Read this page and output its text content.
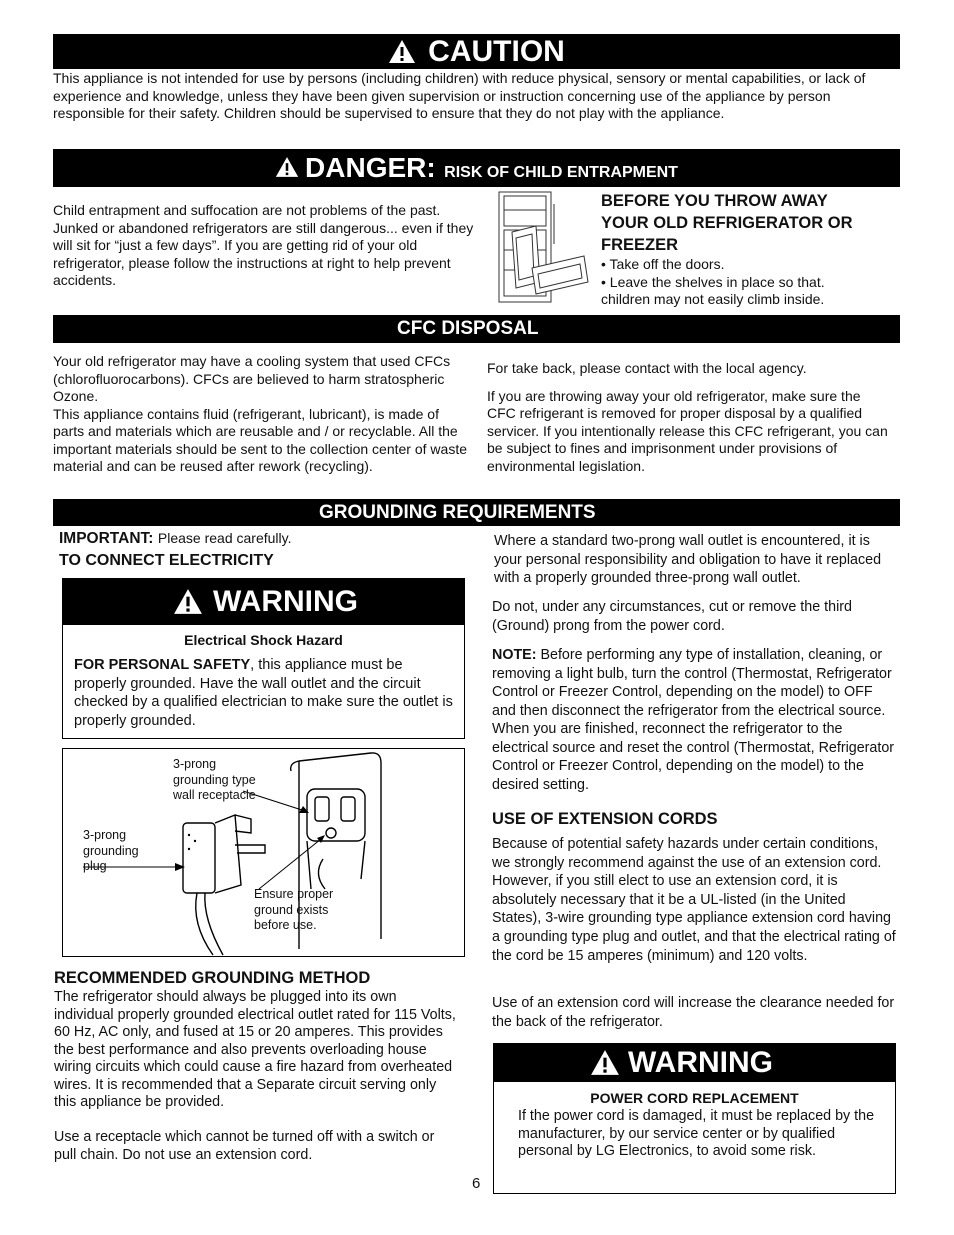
CAUTION

This appliance is not intended for use by persons (including children) with reduce physical, sensory or mental capabilities, or lack of experience and knowledge, unless they have been given supervision or instruction concerning use of the appliance by person responsible for their safety. Children should be supervised to ensure that they do not play with the appliance.

DANGER: RISK OF CHILD ENTRAPMENT

Child entrapment and suffocation are not problems of the past. Junked or abandoned refrigerators are still dangerous... even if they will sit for “just a few days”. If you are getting rid of your old refrigerator, please follow the instructions at right to help prevent accidents.

BEFORE YOU THROW AWAY YOUR OLD REFRIGERATOR OR FREEZER

• Take off the doors.

• Leave the shelves in place so that. children may not easily climb inside.

CFC DISPOSAL

Your old refrigerator may have a cooling system that used CFCs (chlorofluorocarbons). CFCs are believed to harm stratospheric Ozone.

This appliance contains fluid (refrigerant, lubricant), is made of parts and materials which are reusable and / or recyclable. All the important materials should be sent to the collection center of waste material and can be reused after rework (recycling).

For take back, please contact with the local agency.

If you are throwing away your old refrigerator, make sure the CFC refrigerant is removed for proper disposal by a qualified servicer. If you intentionally release this CFC refrigerant, you can be subject to fines and imprisonment under provisions of environmental legislation.

GROUNDING REQUIREMENTS
IMPORTANT: Please read carefully.

TO CONNECT ELECTRICITY

WARNING

Electrical Shock Hazard

FOR PERSONAL SAFETY, this appliance must be properly grounded. Have the wall outlet and the circuit checked by a qualified electrician to make sure the outlet is properly grounded.

3-prong grounding type wall receptacle
3-prong grounding plug
Ensure proper ground exists before use.

RECOMMENDED GROUNDING METHOD

The refrigerator should always be plugged into its own individual properly grounded electrical outlet rated for 115 Volts, 60 Hz, AC only, and fused at 15 or 20 amperes. This provides the best performance and also prevents overloading house wiring circuits which could cause a fire hazard from overheated wires. It is recommended that a Separate circuit serving only this appliance be provided.

Use a receptacle which cannot be turned off with a switch or pull chain. Do not use an extension cord.

Where a standard two-prong wall outlet is encountered, it is your personal responsibility and obligation to have it replaced with a properly grounded three-prong wall outlet.

Do not, under any circumstances, cut or remove the third (Ground) prong from the power cord.

NOTE: Before performing any type of installation, cleaning, or removing a light bulb, turn the control (Thermostat, Refrigerator Control or Freezer Control, depending on the model) to OFF and then disconnect the refrigerator from the electrical source. When you are finished, reconnect the refrigerator to the electrical source and reset the control (Thermostat, Refrigerator Control or Freezer Control, depending on the model) to the desired setting.

USE OF EXTENSION CORDS

Because of potential safety hazards under certain conditions, we strongly recommend against the use of an extension cord. However, if you still elect to use an extension cord, it is absolutely necessary that it be a UL-listed (in the United States), 3-wire grounding type appliance extension cord having a grounding type plug and outlet, and that the electrical rating of the cord be 15 amperes (minimum) and 120 volts.

Use of an extension cord will increase the clearance needed for the back of the refrigerator.

WARNING

POWER CORD REPLACEMENT

If the power cord is damaged, it must be replaced by the manufacturer, by our service center or by qualified personal by LG Electronics, to avoid some risk.

6
